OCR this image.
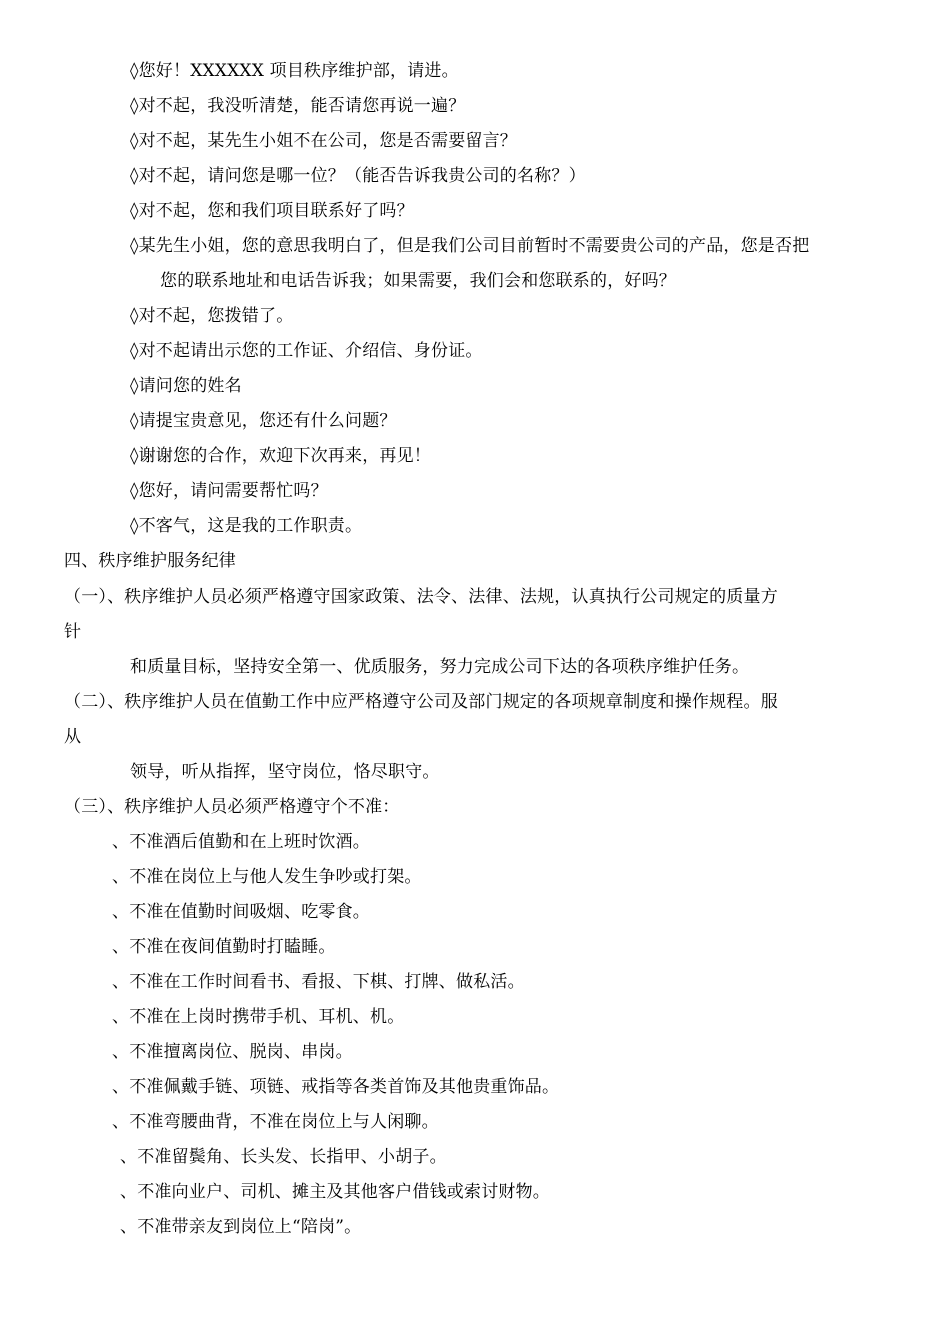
◊您好！XXXXXX 项目秩序维护部，请进。
◊对不起，我没听清楚，能否请您再说一遍？
◊对不起，某先生小姐不在公司，您是否需要留言？
◊对不起，请问您是哪一位？（能否告诉我贵公司的名称？）
◊对不起，您和我们项目联系好了吗？
◊某先生小姐，您的意思我明白了，但是我们公司目前暂时不需要贵公司的产品，您是否把
您的联系地址和电话告诉我；如果需要，我们会和您联系的，好吗？
◊对不起，您拨错了。
◊对不起请出示您的工作证、介绍信、身份证。
◊请问您的姓名
◊请提宝贵意见，您还有什么问题？
◊谢谢您的合作，欢迎下次再来，再见！
◊您好，请问需要帮忙吗？
◊不客气，这是我的工作职责。
四、秩序维护服务纪律
（一）、秩序维护人员必须严格遵守国家政策、法令、法律、法规，认真执行公司规定的质量方
针
和质量目标，坚持安全第一、优质服务，努力完成公司下达的各项秩序维护任务。
（二）、秩序维护人员在值勤工作中应严格遵守公司及部门规定的各项规章制度和操作规程。服
从
领导，听从指挥，坚守岗位，恪尽职守。
（三）、秩序维护人员必须严格遵守个不准：
、不准酒后值勤和在上班时饮酒。
、不准在岗位上与他人发生争吵或打架。
、不准在值勤时间吸烟、吃零食。
、不准在夜间值勤时打瞌睡。
、不准在工作时间看书、看报、下棋、打牌、做私活。
、不准在上岗时携带手机、耳机、机。
、不准擅离岗位、脱岗、串岗。
、不准佩戴手链、项链、戒指等各类首饰及其他贵重饰品。
、不准弯腰曲背，不准在岗位上与人闲聊。
、不准留鬓角、长头发、长指甲、小胡子。
、不准向业户、司机、摊主及其他客户借钱或索讨财物。
、不准带亲友到岗位上“陪岗”。
